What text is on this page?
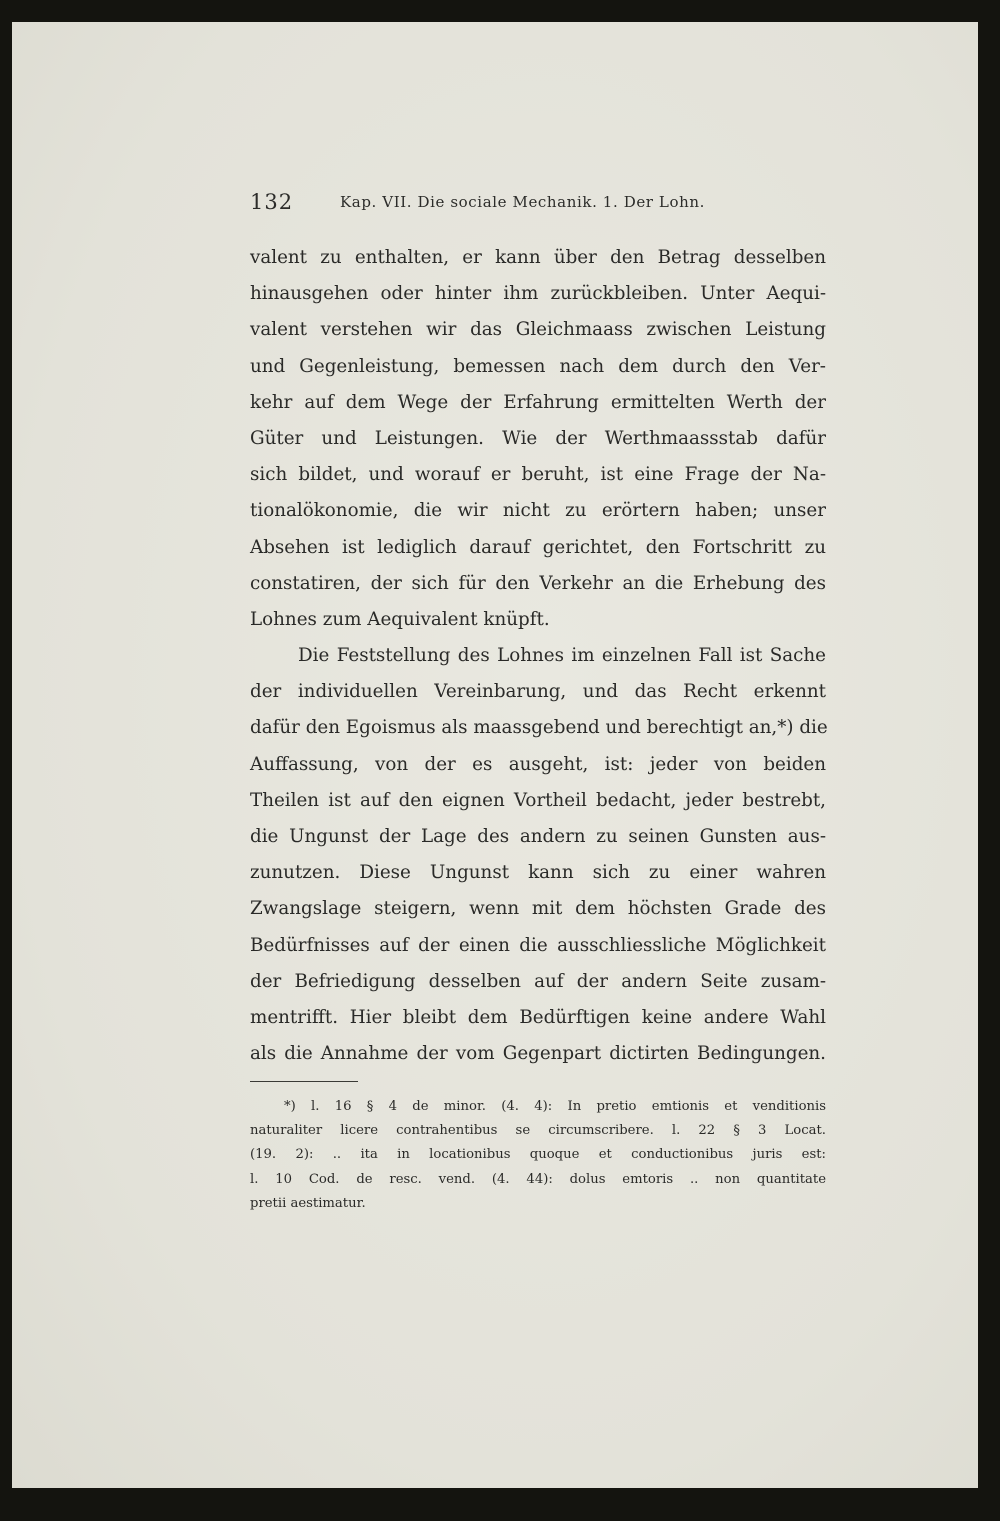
132	Kap. VII. Die sociale Mechanik. 1. Der Lohn.
valent zu enthalten, er kann über den Betrag desselben
hinausgehen oder hinter ihm zurückbleiben. Unter Aequi-
valent verstehen wir das Gleichmaass zwischen Leistung
und Gegenleistung, bemessen nach dem durch den Ver-
kehr auf dem Wege der Erfahrung ermittelten Werth der
Güter und Leistungen. Wie der Werthmaassstab dafür
sich bildet, und worauf er beruht, ist eine Frage der Na-
tionalökonomie, die wir nicht zu erörtern haben; unser
Absehen ist lediglich darauf gerichtet, den Fortschritt zu
constatiren, der sich für den Verkehr an die Erhebung des
Lohnes zum Aequivalent knüpft.
Die Feststellung des Lohnes im einzelnen Fall ist Sache
der individuellen Vereinbarung, und das Recht erkennt
dafür den Egoismus als maassgebend und berechtigt an,*) die
Auffassung, von der es ausgeht, ist: jeder von beiden
Theilen ist auf den eignen Vortheil bedacht, jeder bestrebt,
die Ungunst der Lage des andern zu seinen Gunsten aus-
zunutzen. Diese Ungunst kann sich zu einer wahren
Zwangslage steigern, wenn mit dem höchsten Grade des
Bedürfnisses auf der einen die ausschliessliche Möglichkeit
der Befriedigung desselben auf der andern Seite zusam-
mentrifft. Hier bleibt dem Bedürftigen keine andere Wahl
als die Annahme der vom Gegenpart dictirten Bedingungen.
*) l. 16 § 4 de minor. (4. 4): In pretio emtionis et venditionis
naturaliter licere contrahentibus se circumscribere. l. 22 § 3 Locat.
(19. 2): .. ita in locationibus quoque et conductionibus juris est:
l. 10 Cod. de resc. vend. (4. 44): dolus emtoris .. non quantitate
pretii aestimatur.
